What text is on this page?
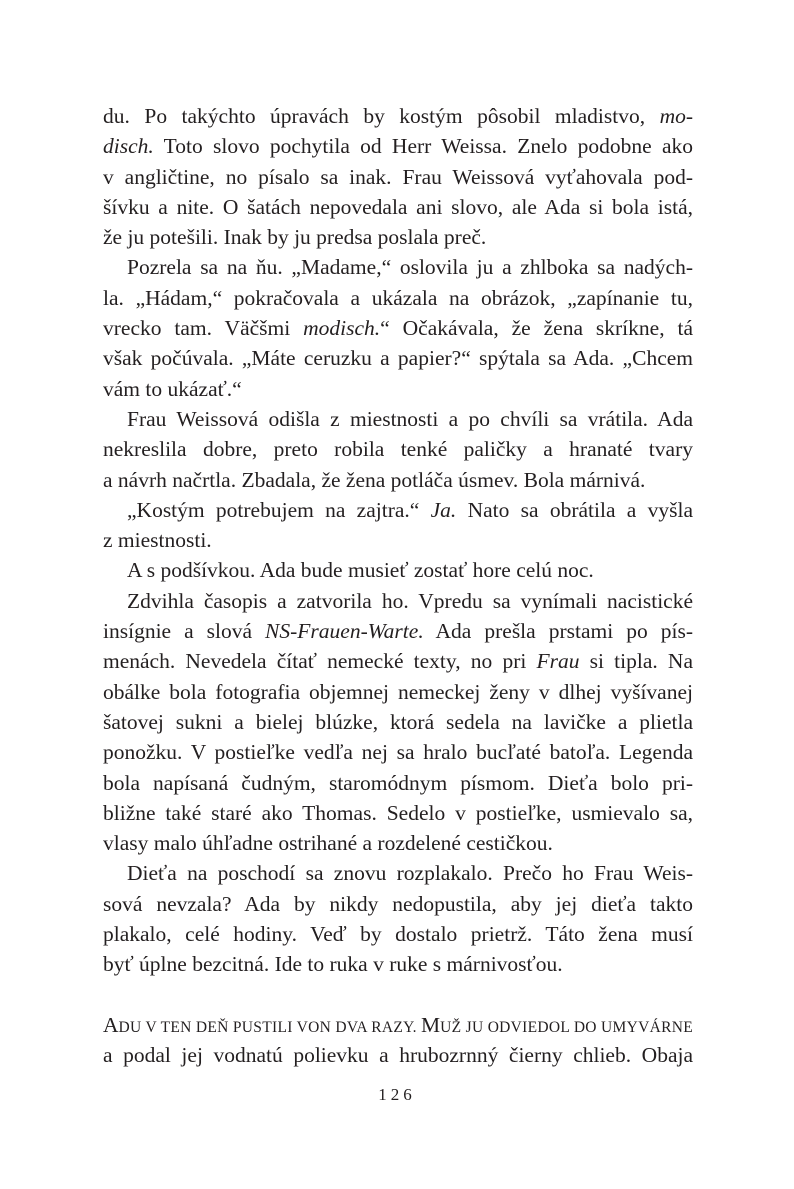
du. Po takýchto úpravách by kostým pôsobil mladistvo, mo-
disch. Toto slovo pochytila od Herr Weissa. Znelo podobne ako
v angličtine, no písalo sa inak. Frau Weissová vyťahovala pod-
šívku a nite. O šatách nepovedala ani slovo, ale Ada si bola istá,
že ju potešili. Inak by ju predsa poslala preč.
Pozrela sa na ňu. „Madame,“ oslovila ju a zhlboka sa nadých-
la. „Hádam,“ pokračovala a ukázala na obrázok, „zapínanie tu,
vrecko tam. Väčšmi modisch.“ Očakávala, že žena skríkne, tá
však počúvala. „Máte ceruzku a papier?“ spýtala sa Ada. „Chcem
vám to ukázať.“
Frau Weissová odišla z miestnosti a po chvíli sa vrátila. Ada
nekreslila dobre, preto robila tenké paličky a hranaté tvary
a návrh načrtla. Zbadala, že žena potláča úsmev. Bola márnivá.
„Kostým potrebujem na zajtra.“ Ja. Nato sa obrátila a vyšla
z miestnosti.
A s podšívkou. Ada bude musieť zostať hore celú noc.
Zdvihla časopis a zatvorila ho. Vpredu sa vynímali nacistické
insígnie a slová NS-Frauen-Warte. Ada prešla prstami po pís-
menách. Nevedela čítať nemecké texty, no pri Frau si tipla. Na
obálke bola fotografia objemnej nemeckej ženy v dlhej vyšívanej
šatovej sukni a bielej blúzke, ktorá sedela na lavičke a plietla
ponožku. V postieľke vedľa nej sa hralo bucľaté batoľa. Legenda
bola napísaná čudným, staromódnym písmom. Dieťa bolo pri-
bližne také staré ako Thomas. Sedelo v postieľke, usmievalo sa,
vlasy malo úhľadne ostrihané a rozdelené cestičkou.
Dieťa na poschodí sa znovu rozplakalo. Prečo ho Frau Weis-
sová nevzala? Ada by nikdy nedopustila, aby jej dieťa takto
plakalo, celé hodiny. Veď by dostalo prietrž. Táto žena musí
byť úplne bezcitná. Ide to ruka v ruke s márnivosťou.
ADU V TEN DEŇ PUSTILI VON DVA RAZY. MUŽ JU ODVIEDOL DO UMYVÁRNE
a podal jej vodnatú polievku a hrubozrnný čierny chlieb. Obaja
126
